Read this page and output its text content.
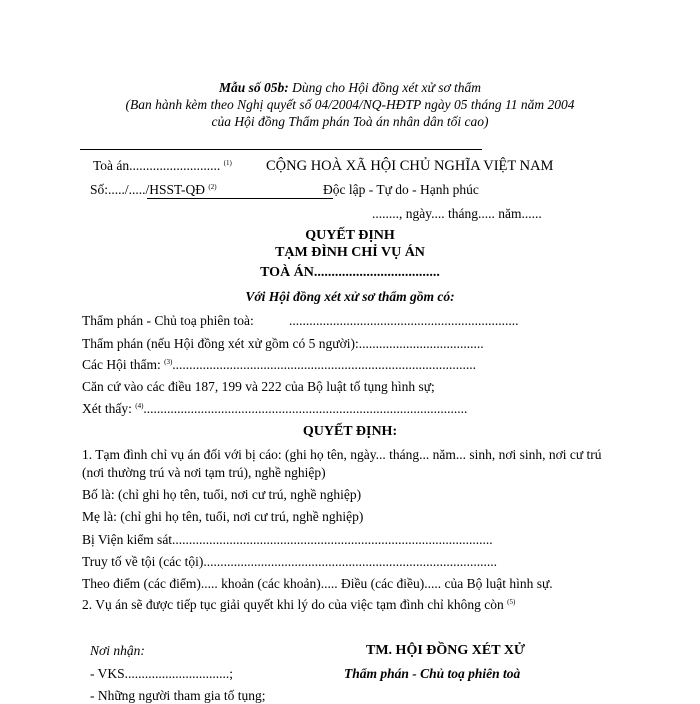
Mẫu số 05b: Dùng cho Hội đồng xét xử sơ thẩm
(Ban hành kèm theo Nghị quyết số 04/2004/NQ-HĐTP ngày 05 tháng 11 năm 2004
của Hội đồng Thẩm phán Toà án nhân dân tối cao)
Toà án........................... $^{(1)}$
Số:...../...../HSST-QĐ $^{(2)}$
CỘNG HOÀ XÃ HỘI CHỦ NGHĨA VIỆT NAM
Độc lập - Tự do - Hạnh phúc
........, ngày.... tháng..... năm......
QUYẾT ĐỊNH
TẠM ĐÌNH CHỈ VỤ ÁN
TOÀ ÁN....................................
Với Hội đồng xét xử sơ thẩm gồm có:
Thẩm phán - Chủ toạ phiên toà:	....................................................................
Thẩm phán (nếu Hội đồng xét xử gồm có 5 người):.....................................
Các Hội thẩm: $^{(3)}$..........................................................................................
Căn cứ vào các điều 187, 199 và 222 của Bộ luật tố tụng hình sự;
Xét thấy: $^{(4)}$................................................................................................
QUYẾT ĐỊNH:
1. Tạm đình chỉ vụ án đối với bị cáo: (ghi họ tên, ngày... tháng... năm... sinh, nơi sinh, nơi cư trú
(nơi thường trú và nơi tạm trú), nghề nghiệp)
Bố là: (chỉ ghi họ tên, tuổi, nơi cư trú, nghề nghiệp)
Mẹ là: (chỉ ghi họ tên, tuổi, nơi cư trú, nghề nghiệp)
Bị Viện kiểm sát...............................................................................................
Truy tố về tội (các tội).......................................................................................
Theo điểm (các điểm)..... khoản (các khoản)..... Điều (các điều)..... của Bộ luật hình sự.
2. Vụ án sẽ được tiếp tục giải quyết khi lý do của việc tạm đình chỉ không còn $^{(5)}$
Nơi nhận:
- VKS...............................;
- Những người tham gia tố tụng;
TM. HỘI ĐỒNG XÉT XỬ
Thẩm phán - Chủ toạ phiên toà
